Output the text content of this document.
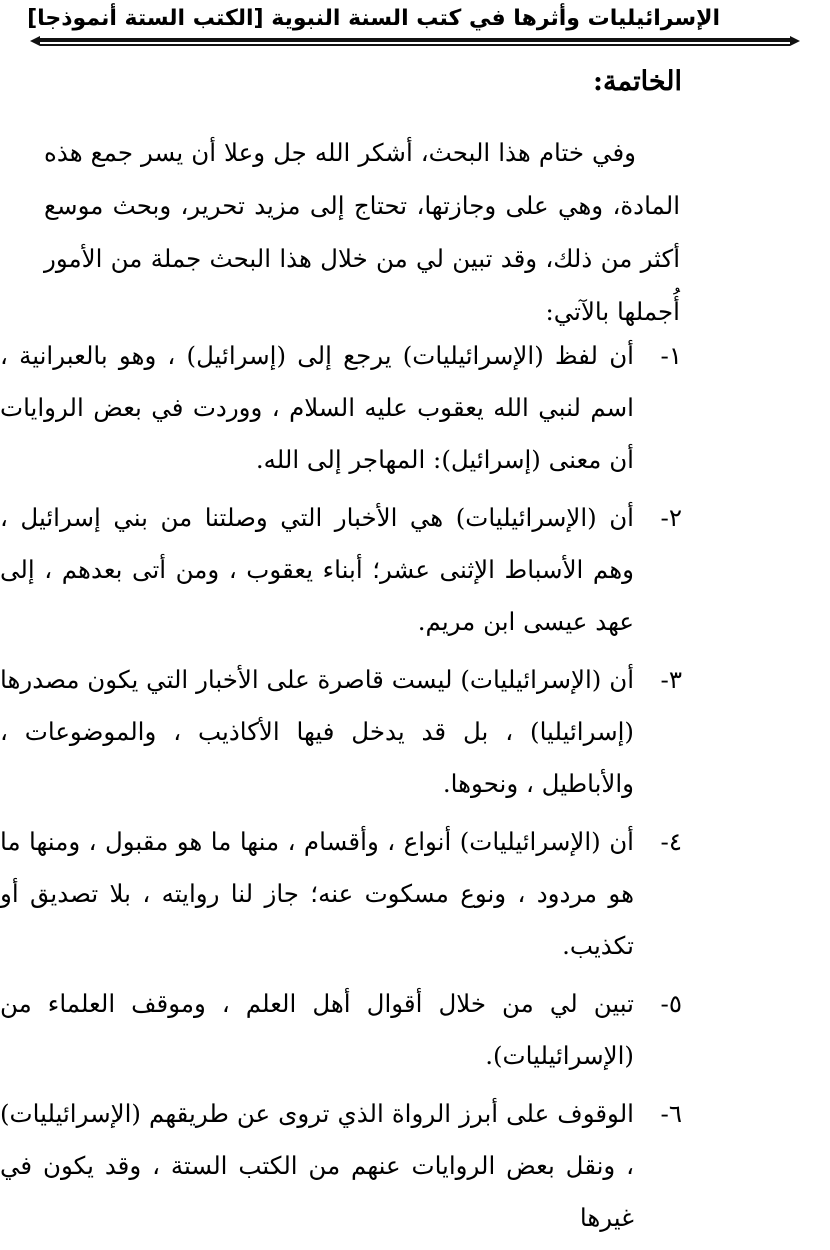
الإسرائيليات وأثرها في كتب السنة النبوية [الكتب الستة أنموذجا]
الخاتمة:

وفي ختام هذا البحث، أشكر الله جل وعلا أن يسر جمع هذه المادة، وهي على وجازتها، تحتاج إلى مزيد تحرير، وبحث موسع أكثر من ذلك، وقد تبين لي من خلال هذا البحث جملة من الأمور أُجملها بالآتي:

١-
أن لفظ (الإسرائيليات) يرجع إلى (إسرائيل) ، وهو بالعبرانية ، اسم لنبي الله يعقوب عليه السلام ، ووردت في بعض الروايات أن معنى (إسرائيل): المهاجر إلى الله.
٢-
أن (الإسرائيليات) هي الأخبار التي وصلتنا من بني إسرائيل ، وهم الأسباط الإثنى عشر؛ أبناء يعقوب ، ومن أتى بعدهم ، إلى عهد عيسى ابن مريم.
٣-
أن (الإسرائيليات) ليست قاصرة على الأخبار التي يكون مصدرها (إسرائيليا) ، بل قد يدخل فيها الأكاذيب ، والموضوعات ، والأباطيل ، ونحوها.
٤-
أن (الإسرائيليات) أنواع ، وأقسام ، منها ما هو مقبول ، ومنها ما هو مردود ، ونوع مسكوت عنه؛ جاز لنا روايته ، بلا تصديق أو تكذيب.
٥-
تبين لي من خلال أقوال أهل العلم ، وموقف العلماء من (الإسرائيليات).
٦-
الوقوف على أبرز الرواة الذي تروى عن طريقهم (الإسرائيليات) ، ونقل بعض الروايات عنهم من الكتب الستة ، وقد يكون في غيرها
